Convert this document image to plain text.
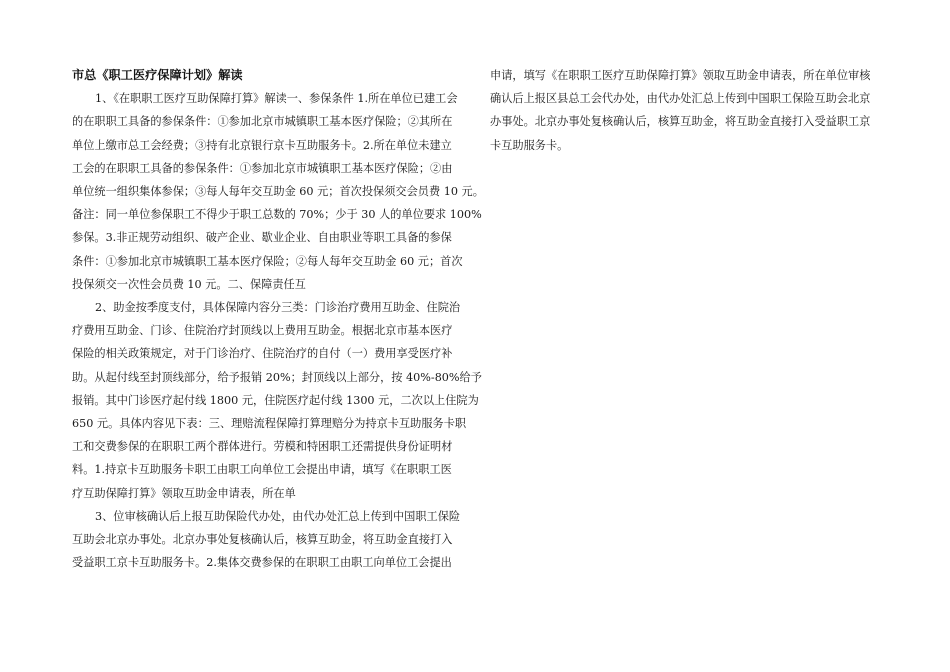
市总《职工医疗保障计划》解读
1、《在职职工医疗互助保障打算》解读一、参保条件 1.所在单位已建工会
的在职职工具备的参保条件：①参加北京市城镇职工基本医疗保险；②其所在
单位上缴市总工会经费；③持有北京银行京卡互助服务卡。2.所在单位未建立
工会的在职职工具备的参保条件：①参加北京市城镇职工基本医疗保险；②由
单位统一组织集体参保；③每人每年交互助金 60 元；首次投保须交会员费 10 元。
备注：同一单位参保职工不得少于职工总数的 70%；少于 30 人的单位要求 100%
参保。3.非正规劳动组织、破产企业、歇业企业、自由职业等职工具备的参保
条件：①参加北京市城镇职工基本医疗保险；②每人每年交互助金 60 元；首次
投保须交一次性会员费 10 元。二、保障责任互
2、助金按季度支付，具体保障内容分三类：门诊治疗费用互助金、住院治
疗费用互助金、门诊、住院治疗封顶线以上费用互助金。根据北京市基本医疗
保险的相关政策规定，对于门诊治疗、住院治疗的自付（一）费用享受医疗补
助。从起付线至封顶线部分，给予报销 20%；封顶线以上部分，按 40%-80%给予
报销。其中门诊医疗起付线 1800 元，住院医疗起付线 1300 元，二次以上住院为
650 元。具体内容见下表：三、理赔流程保障打算理赔分为持京卡互助服务卡职
工和交费参保的在职职工两个群体进行。劳模和特困职工还需提供身份证明材
料。1.持京卡互助服务卡职工由职工向单位工会提出申请，填写《在职职工医
疗互助保障打算》领取互助金申请表，所在单
3、位审核确认后上报互助保险代办处，由代办处汇总上传到中国职工保险
互助会北京办事处。北京办事处复核确认后，核算互助金，将互助金直接打入
受益职工京卡互助服务卡。2.集体交费参保的在职职工由职工向单位工会提出
申请，填写《在职职工医疗互助保障打算》领取互助金申请表，所在单位审核
确认后上报区县总工会代办处，由代办处汇总上传到中国职工保险互助会北京
办事处。北京办事处复核确认后，核算互助金，将互助金直接打入受益职工京
卡互助服务卡。
